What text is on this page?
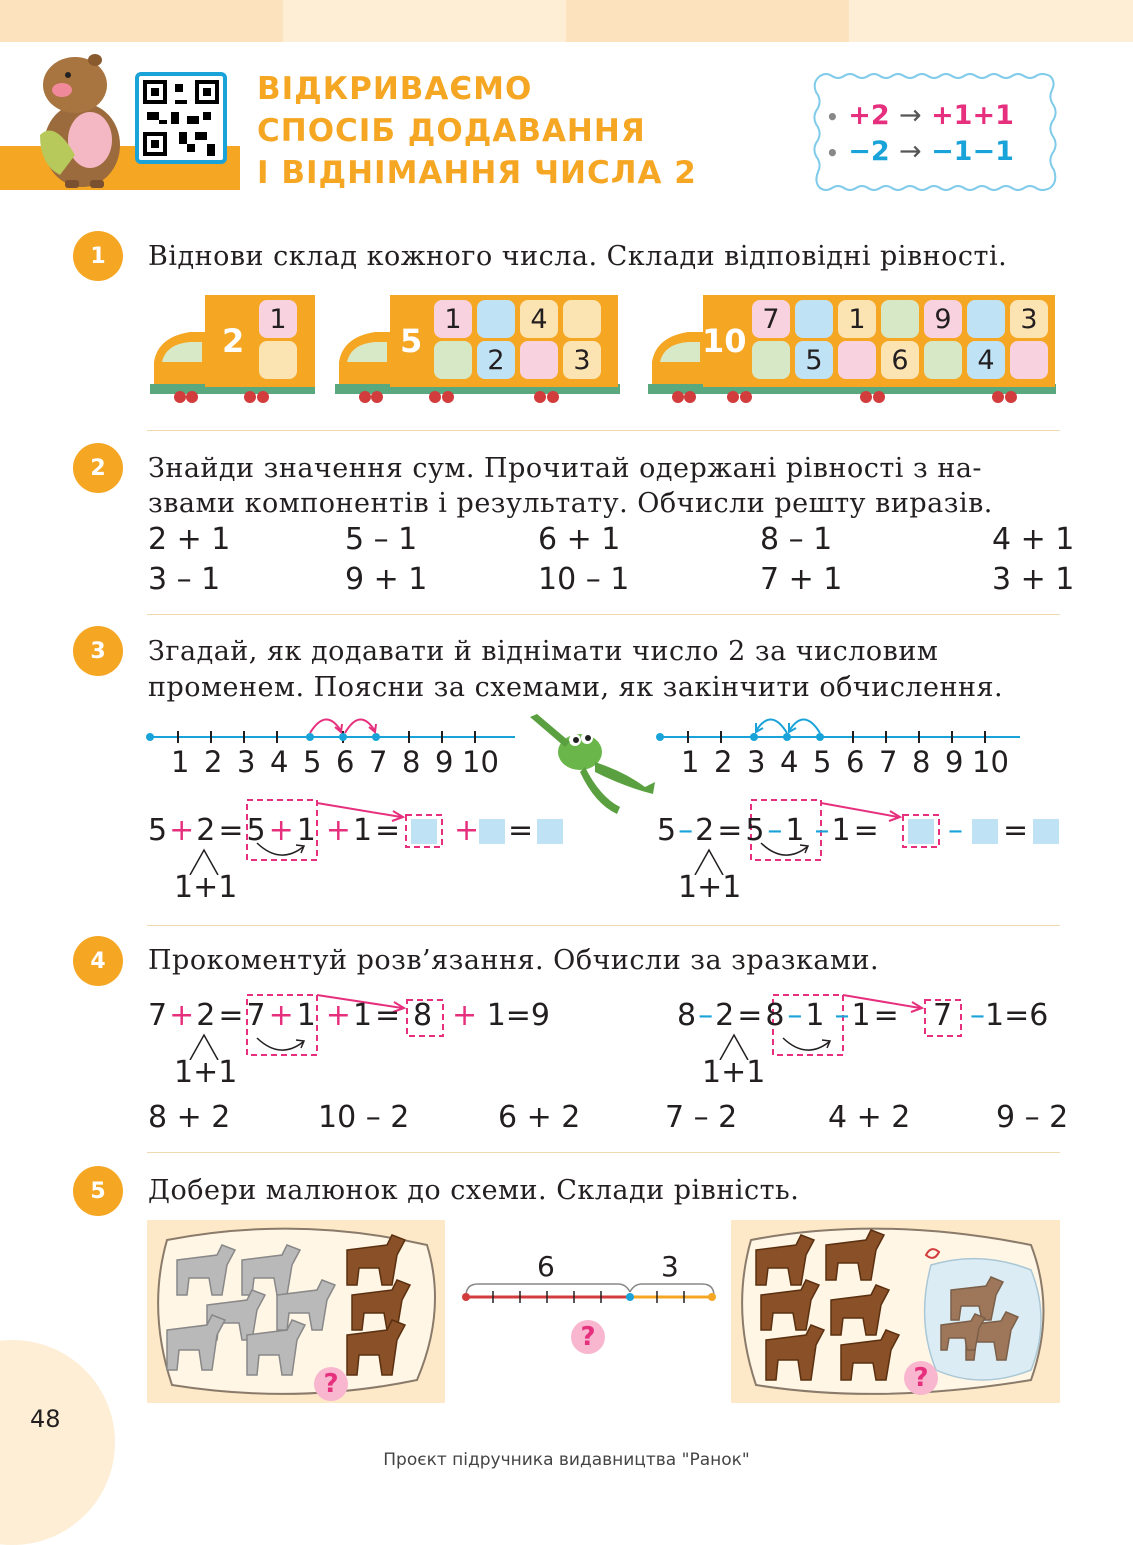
ВІДКРИВАЄМО
СПОСІБ ДОДАВАННЯ
І ВІДНІМАННЯ ЧИСЛА 2
• +2 → +1+1
• −2 → −1−1
1	Віднови склад кожного числа. Склади відповідні рівності.
2
1
5
1	4
2	3	10
7	1	9	3
5	6	4
2	Знайди значення сум. Прочитай одержані рівності з на-
звами компонентів і результату. Обчисли решту виразів.
2 + 1	5 – 1	6 + 1	8 – 1	4 + 1
3 – 1	9 + 1	10 – 1	7 + 1	3 + 1
3	Згадай, як додавати й віднімати число 2 за числовим
променем. Поясни за схемами, як закінчити обчислення.
1 2 3 4 5 6 7 8 9 10	1 2 3 4 5 6 7 8 9 10
5+2 = 5 + 1 +1 = + =
1+1
5–2 = 5 – 1 –1 = – =
1+1
4	Прокоментуй розв’язання. Обчисли за зразками.
7+2 = 7 + 1 +1 = 8 + 1=9
1+1
8–2 = 8 – 1 –1 = 7 –1=6
1+1
8 + 2	10 – 2	6 + 2	7 – 2	4 + 2	9 – 2
5	Добери малюнок до схеми. Склади рівність.
?
6	3
?
?
48
Проєкт підручника видавництва "Ранок"
